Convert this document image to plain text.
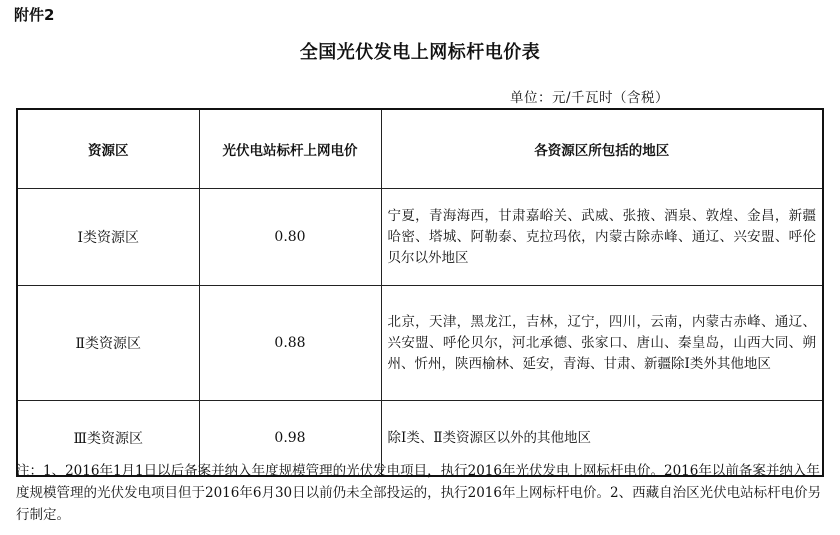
附件2
全国光伏发电上网标杆电价表
单位：元/千瓦时（含税）
资源区	光伏电站标杆上网电价	各资源区所包括的地区
Ⅰ类资源区	0.80	宁夏，青海海西，甘肃嘉峪关、武威、张掖、酒泉、敦煌、金昌，新疆哈密、塔城、阿勒泰、克拉玛依，内蒙古除赤峰、通辽、兴安盟、呼伦贝尔以外地区
Ⅱ类资源区	0.88	北京，天津，黑龙江，吉林，辽宁，四川，云南，内蒙古赤峰、通辽、兴安盟、呼伦贝尔，河北承德、张家口、唐山、秦皇岛，山西大同、朔州、忻州，陕西榆林、延安，青海、甘肃、新疆除Ⅰ类外其他地区
Ⅲ类资源区	0.98	除Ⅰ类、Ⅱ类资源区以外的其他地区
注：1、2016年1月1日以后备案并纳入年度规模管理的光伏发电项目，执行2016年光伏发电上网标杆电价。2016年以前备案并纳入年度规模管理的光伏发电项目但于2016年6月30日以前仍未全部投运的，执行2016年上网标杆电价。2、西藏自治区光伏电站标杆电价另行制定。
